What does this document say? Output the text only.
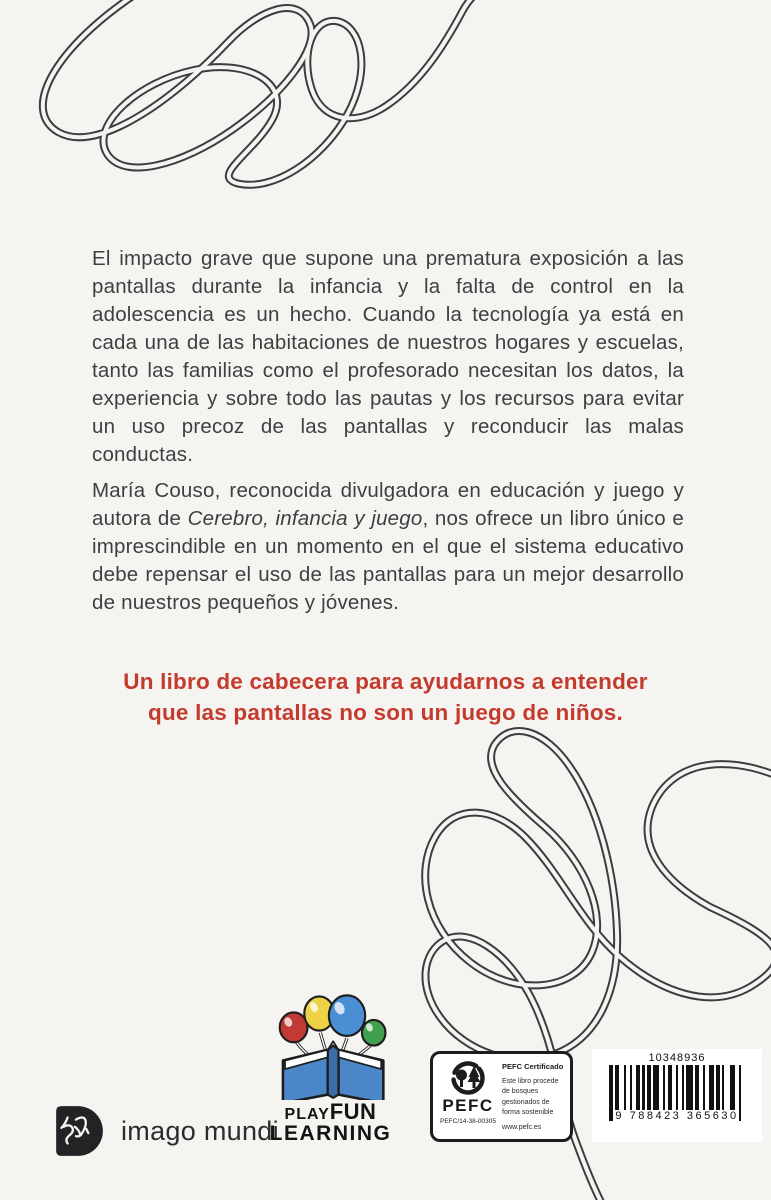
El impacto grave que supone una prematura exposición a las pantallas durante la infancia y la falta de control en la adolescencia es un hecho. Cuando la tecnología ya está en cada una de las habitaciones de nuestros hogares y escuelas, tanto las familias como el profesorado necesitan los datos, la experiencia y sobre todo las pautas y los recursos para evitar un uso precoz de las pantallas y reconducir las malas conductas.

María Couso, reconocida divulgadora en educación y juego y autora de Cerebro, infancia y juego, nos ofrece un libro único e imprescindible en un momento en el que el sistema educativo debe repensar el uso de las pantallas para un mejor desarrollo de nuestros pequeños y jóvenes.

Un libro de cabecera para ayudarnos a entender
que las pantallas no son un juego de niños.

imago mundi
PLAYFUN
LEARNING
PEFC
PEFC/14-38-00305
PEFC Certificado
Este libro procede de bosques gestionados de forma sostenible
www.pefc.es
10348936
9 788423 365630
